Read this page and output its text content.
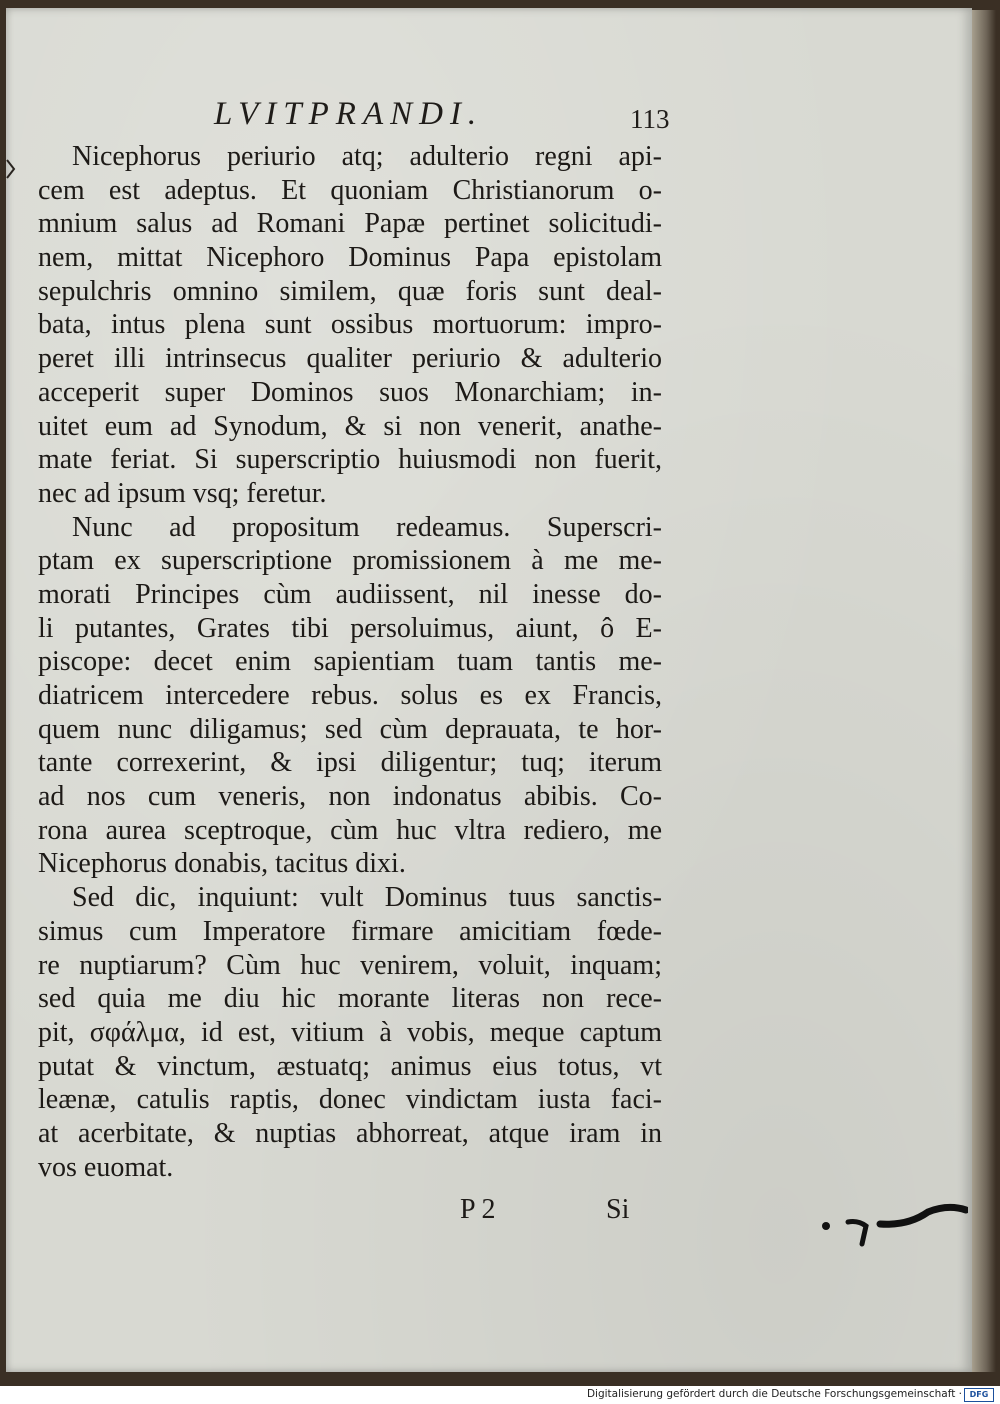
LVITPRANDI.	113
Nicephorus periurio atq; adulterio regni api-
cem est adeptus. Et quoniam Christianorum o-
mnium salus ad Romani Papæ pertinet solicitudi-
nem, mittat Nicephoro Dominus Papa epistolam
sepulchris omnino similem, quæ foris sunt deal-
bata, intus plena sunt ossibus mortuorum: impro-
peret illi intrinsecus qualiter periurio & adulterio
acceperit super Dominos suos Monarchiam; in-
uitet eum ad Synodum, & si non venerit, anathe-
mate feriat. Si superscriptio huiusmodi non fuerit,
nec ad ipsum vsq; feretur.
Nunc ad propositum redeamus. Superscri-
ptam ex superscriptione promissionem à me me-
morati Principes cùm audiissent, nil inesse do-
li putantes, Grates tibi persoluimus, aiunt, ô E-
piscope: decet enim sapientiam tuam tantis me-
diatricem intercedere rebus. solus es ex Francis,
quem nunc diligamus; sed cùm deprauata, te hor-
tante correxerint, & ipsi diligentur; tuq; iterum
ad nos cum veneris, non indonatus abibis. Co-
rona aurea sceptroque, cùm huc vltra rediero, me
Nicephorus donabis, tacitus dixi.
Sed dic, inquiunt: vult Dominus tuus sanctis-
simus cum Imperatore firmare amicitiam fœde-
re nuptiarum? Cùm huc venirem, voluit, inquam;
sed quia me diu hic morante literas non rece-
pit, σφάλμα, id est, vitium à vobis, meque captum
putat & vinctum, æstuatq; animus eius totus, vt
leænæ, catulis raptis, donec vindictam iusta faci-
at acerbitate, & nuptias abhorreat, atque iram in
vos euomat.
P 2	Si
Digitalisierung gefördert durch die Deutsche Forschungsgemeinschaft · DFG
